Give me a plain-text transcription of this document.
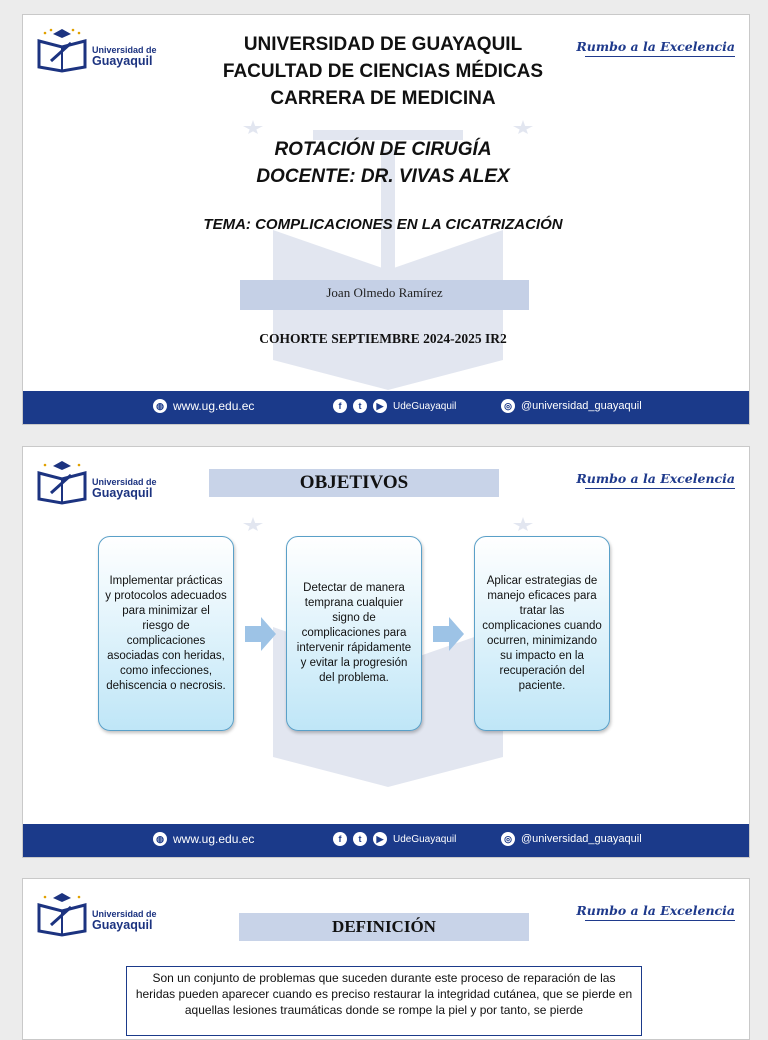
Universidad de
Guayaquil
Rumbo a la Excelencia
UNIVERSIDAD DE GUAYAQUIL
FACULTAD DE CIENCIAS MÉDICAS
CARRERA DE MEDICINA
ROTACIÓN DE CIRUGÍA
DOCENTE: DR. VIVAS ALEX
TEMA: COMPLICACIONES EN LA CICATRIZACIÓN
Joan Olmedo Ramírez
COHORTE SEPTIEMBRE 2024-2025 IR2
◍ www.ug.edu.ec	f	t	▶ UdeGuayaquil	◎ @universidad_guayaquil
Universidad de
Guayaquil
Rumbo a la Excelencia
OBJETIVOS
Implementar prácticas y protocolos adecuados para minimizar el riesgo de complicaciones asociadas con heridas, como infecciones, dehiscencia o necrosis.
Detectar de manera temprana cualquier signo de complicaciones para intervenir rápidamente y evitar la progresión del problema.
Aplicar estrategias de manejo eficaces para tratar las complicaciones cuando ocurren, minimizando su impacto en la recuperación del paciente.
◍ www.ug.edu.ec	f	t	▶ UdeGuayaquil	◎ @universidad_guayaquil
Universidad de
Guayaquil
Rumbo a la Excelencia
DEFINICIÓN
Son un conjunto de problemas que suceden durante este proceso de reparación de las heridas pueden aparecer cuando es preciso restaurar la integridad cutánea, que se pierde en aquellas lesiones traumáticas donde se rompe la piel y por tanto, se pierde
